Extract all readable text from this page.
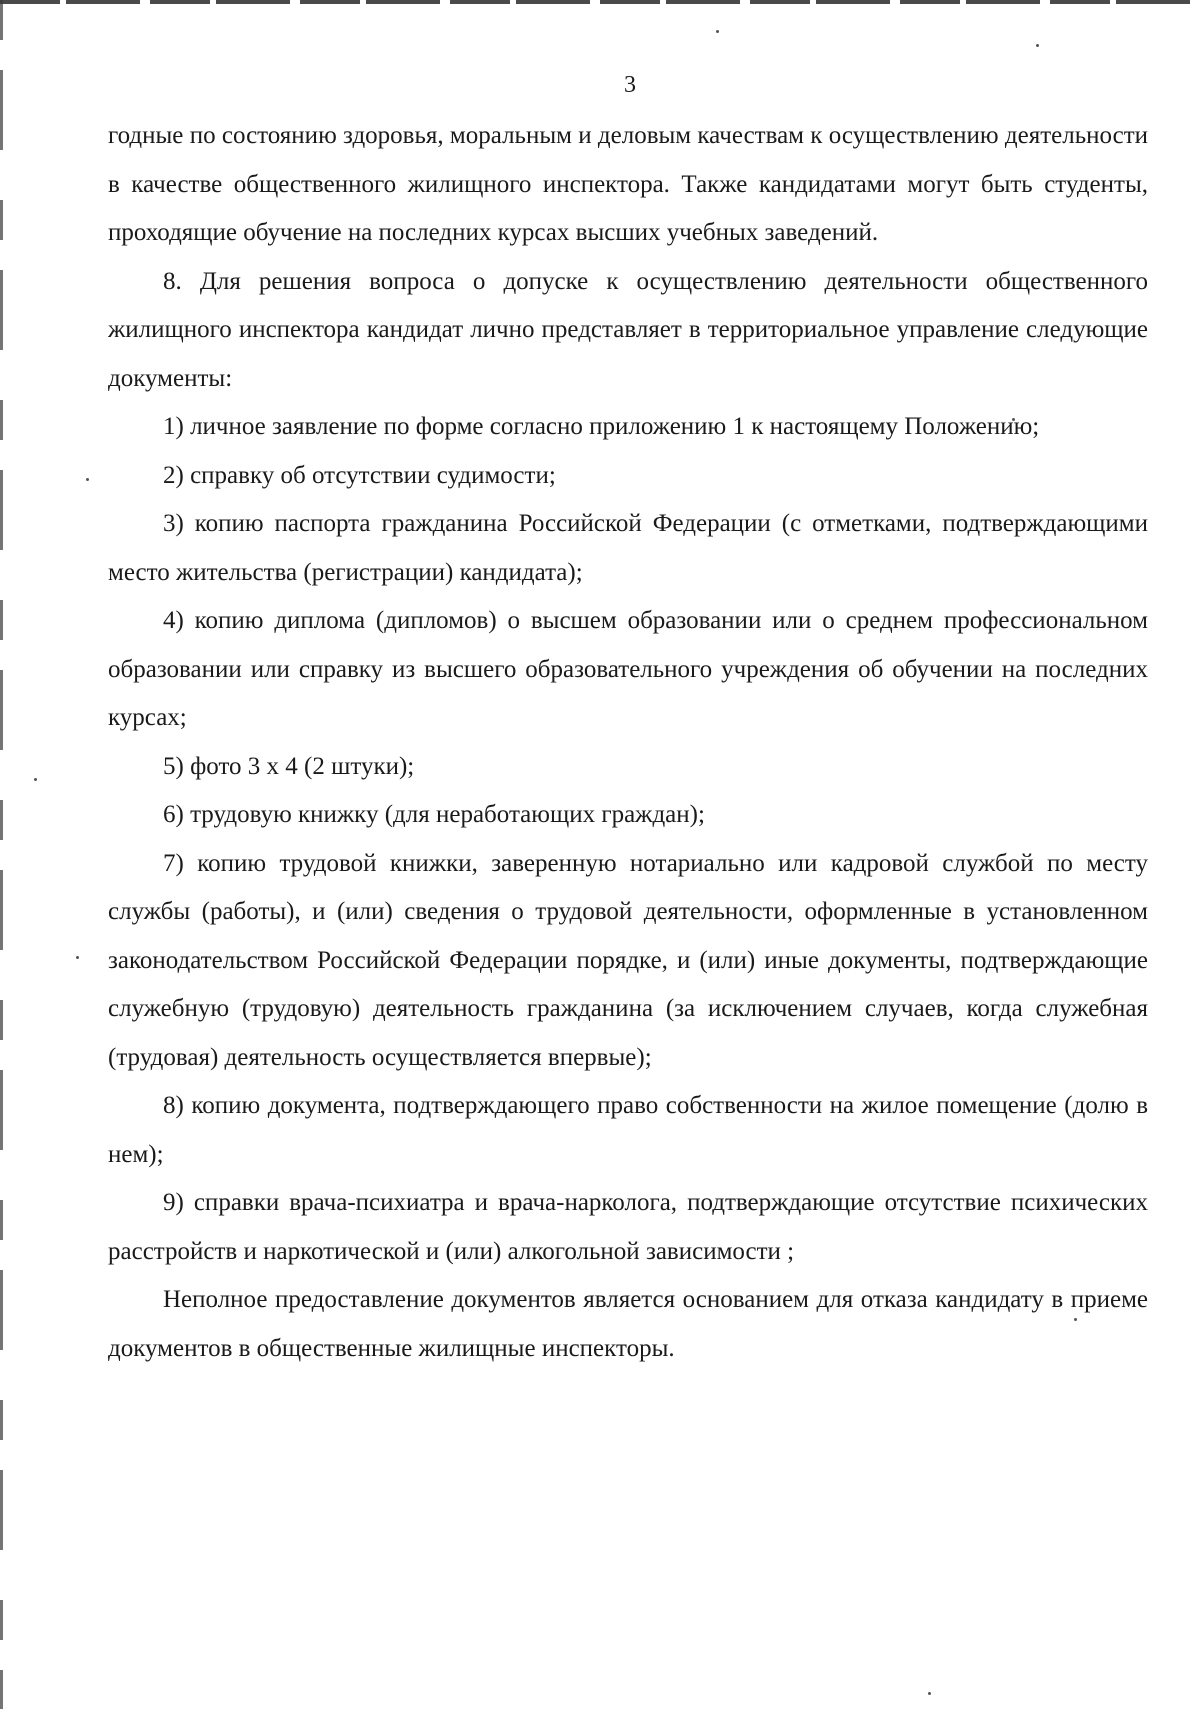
3

годные по состоянию здоровья, моральным и деловым качествам к осуществлению деятельности в качестве общественного жилищного инспектора. Также кандидатами могут быть студенты, проходящие обучение на последних курсах высших учебных заведений.

8. Для решения вопроса о допуске к осуществлению деятельности общественного жилищного инспектора кандидат лично представляет в территориальное управление следующие документы:

1) личное заявление по форме согласно приложению 1 к настоящему Положению;

2) справку об отсутствии судимости;

3) копию паспорта гражданина Российской Федерации (с отметками, подтверждающими место жительства (регистрации) кандидата);

4) копию диплома (дипломов) о высшем образовании или о среднем профессиональном образовании или справку из высшего образовательного учреждения об обучении на последних курсах;

5) фото 3 х 4 (2 штуки);

6) трудовую книжку (для неработающих граждан);

7) копию трудовой книжки, заверенную нотариально или кадровой службой по месту службы (работы), и (или) сведения о трудовой деятельности, оформленные в установленном законодательством Российской Федерации порядке, и (или) иные документы, подтверждающие служебную (трудовую) деятельность гражданина (за исключением случаев, когда служебная (трудовая) деятельность осуществляется впервые);

8) копию документа, подтверждающего право собственности на жилое помещение (долю в нем);

9) справки врача-психиатра и врача-нарколога, подтверждающие отсутствие психических расстройств и наркотической и (или) алкогольной зависимости ;

Неполное предоставление документов является основанием для отказа кандидату в приеме документов в общественные жилищные инспекторы.
